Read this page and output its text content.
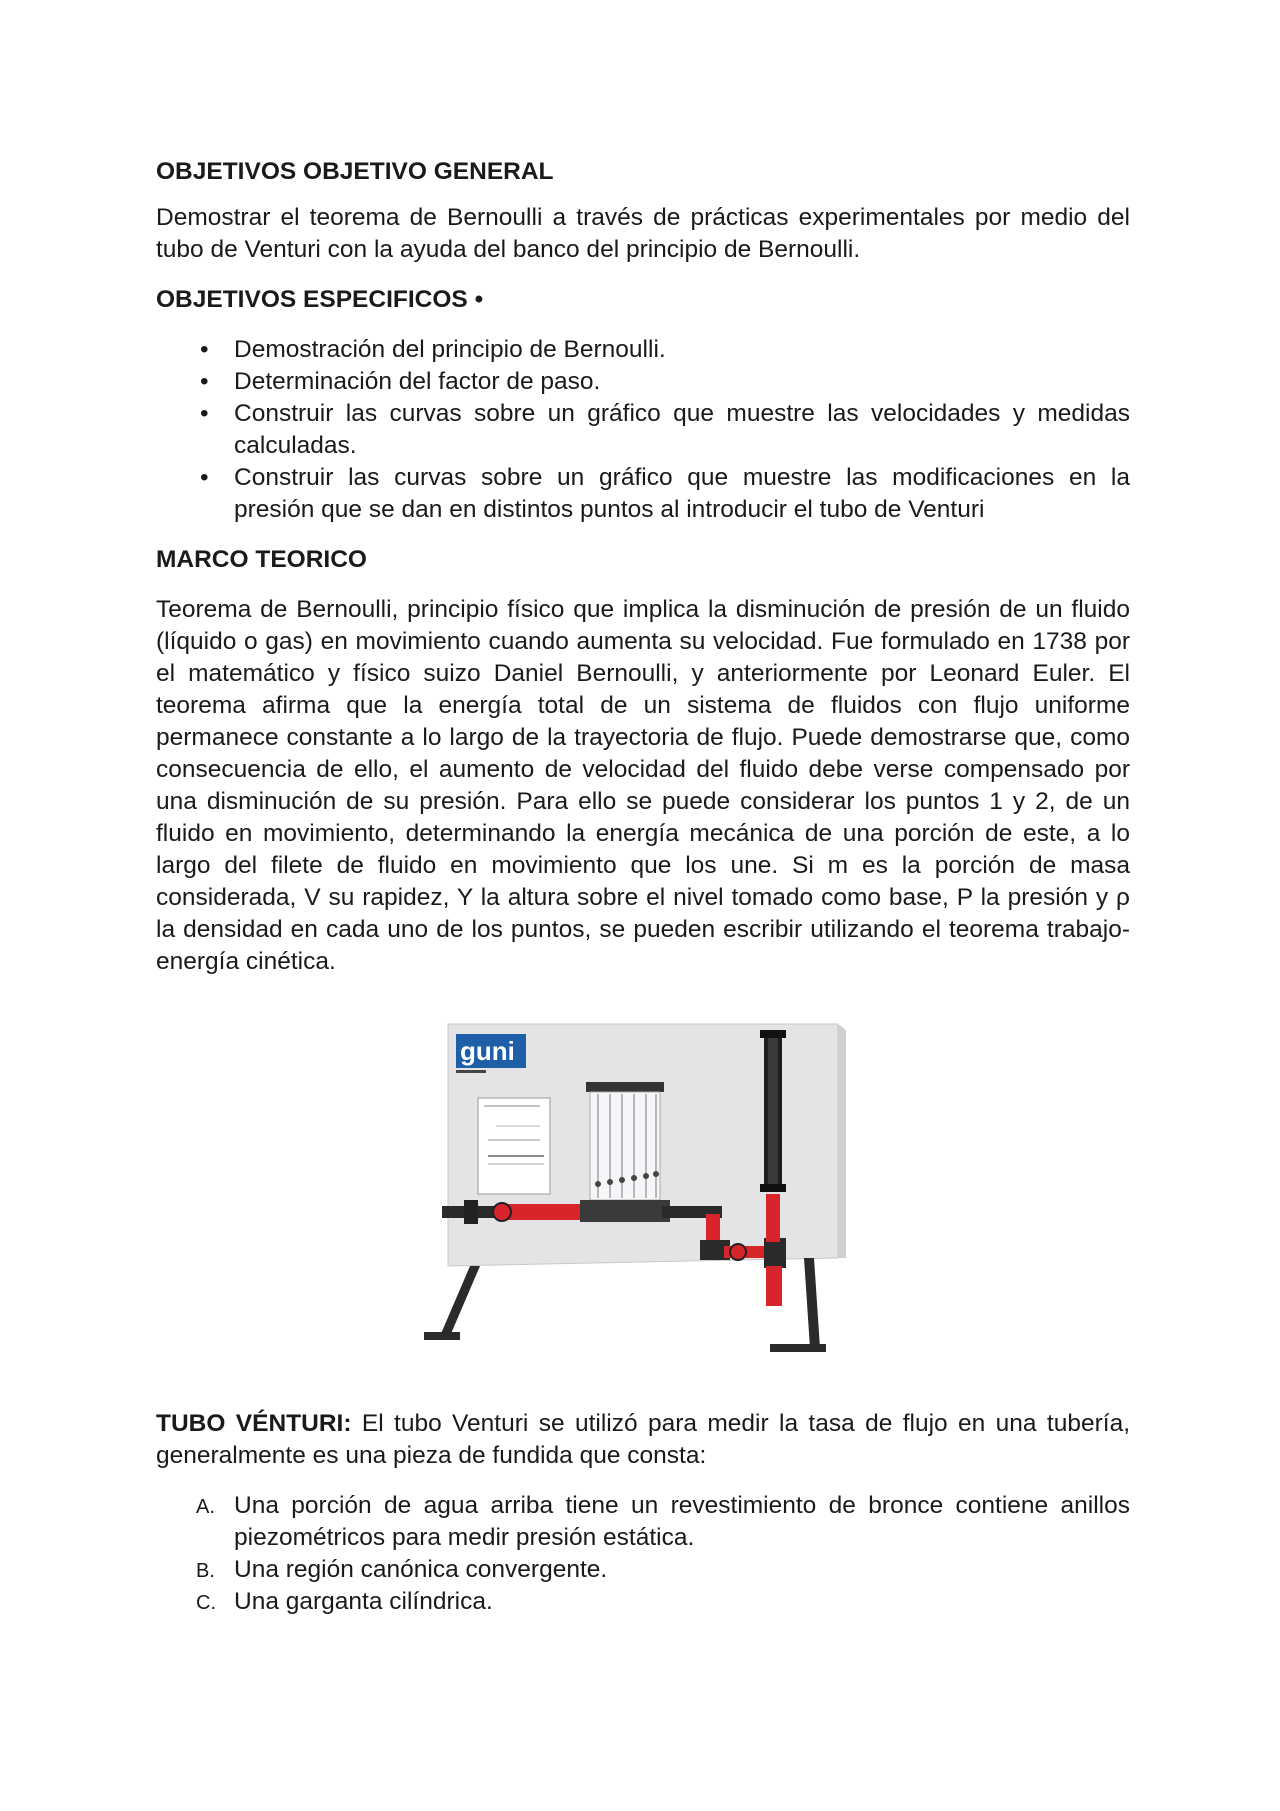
OBJETIVOS OBJETIVO GENERAL

Demostrar el teorema de Bernoulli a través de prácticas experimentales por medio del tubo de Venturi con la ayuda del banco del principio de Bernoulli.

OBJETIVOS ESPECIFICOS •
• Demostración del principio de Bernoulli.
• Determinación del factor de paso.
• Construir las curvas sobre un gráfico que muestre las velocidades y medidas calculadas.
• Construir las curvas sobre un gráfico que muestre las modificaciones en la presión que se dan en distintos puntos al introducir el tubo de Venturi
MARCO TEORICO

Teorema de Bernoulli, principio físico que implica la disminución de presión de un fluido (líquido o gas) en movimiento cuando aumenta su velocidad. Fue formulado en 1738 por el matemático y físico suizo Daniel Bernoulli, y anteriormente por Leonard Euler. El teorema afirma que la energía total de un sistema de fluidos con flujo uniforme permanece constante a lo largo de la trayectoria de flujo. Puede demostrarse que, como consecuencia de ello, el aumento de velocidad del fluido debe verse compensado por una disminución de su presión. Para ello se puede considerar los puntos 1 y 2, de un fluido en movimiento, determinando la energía mecánica de una porción de este, a lo largo del filete de fluido en movimiento que los une. Si m es la porción de masa considerada, V su rapidez, Y la altura sobre el nivel tomado como base, P la presión y ρ la densidad en cada uno de los puntos, se pueden escribir utilizando el teorema trabajo-energía cinética.

guni

TUBO VÉNTURI: El tubo Venturi se utilizó para medir la tasa de flujo en una tubería, generalmente es una pieza de fundida que consta:

A. Una porción de agua arriba tiene un revestimiento de bronce contiene anillos piezométricos para medir presión estática.
B. Una región canónica convergente.
C. Una garganta cilíndrica.
